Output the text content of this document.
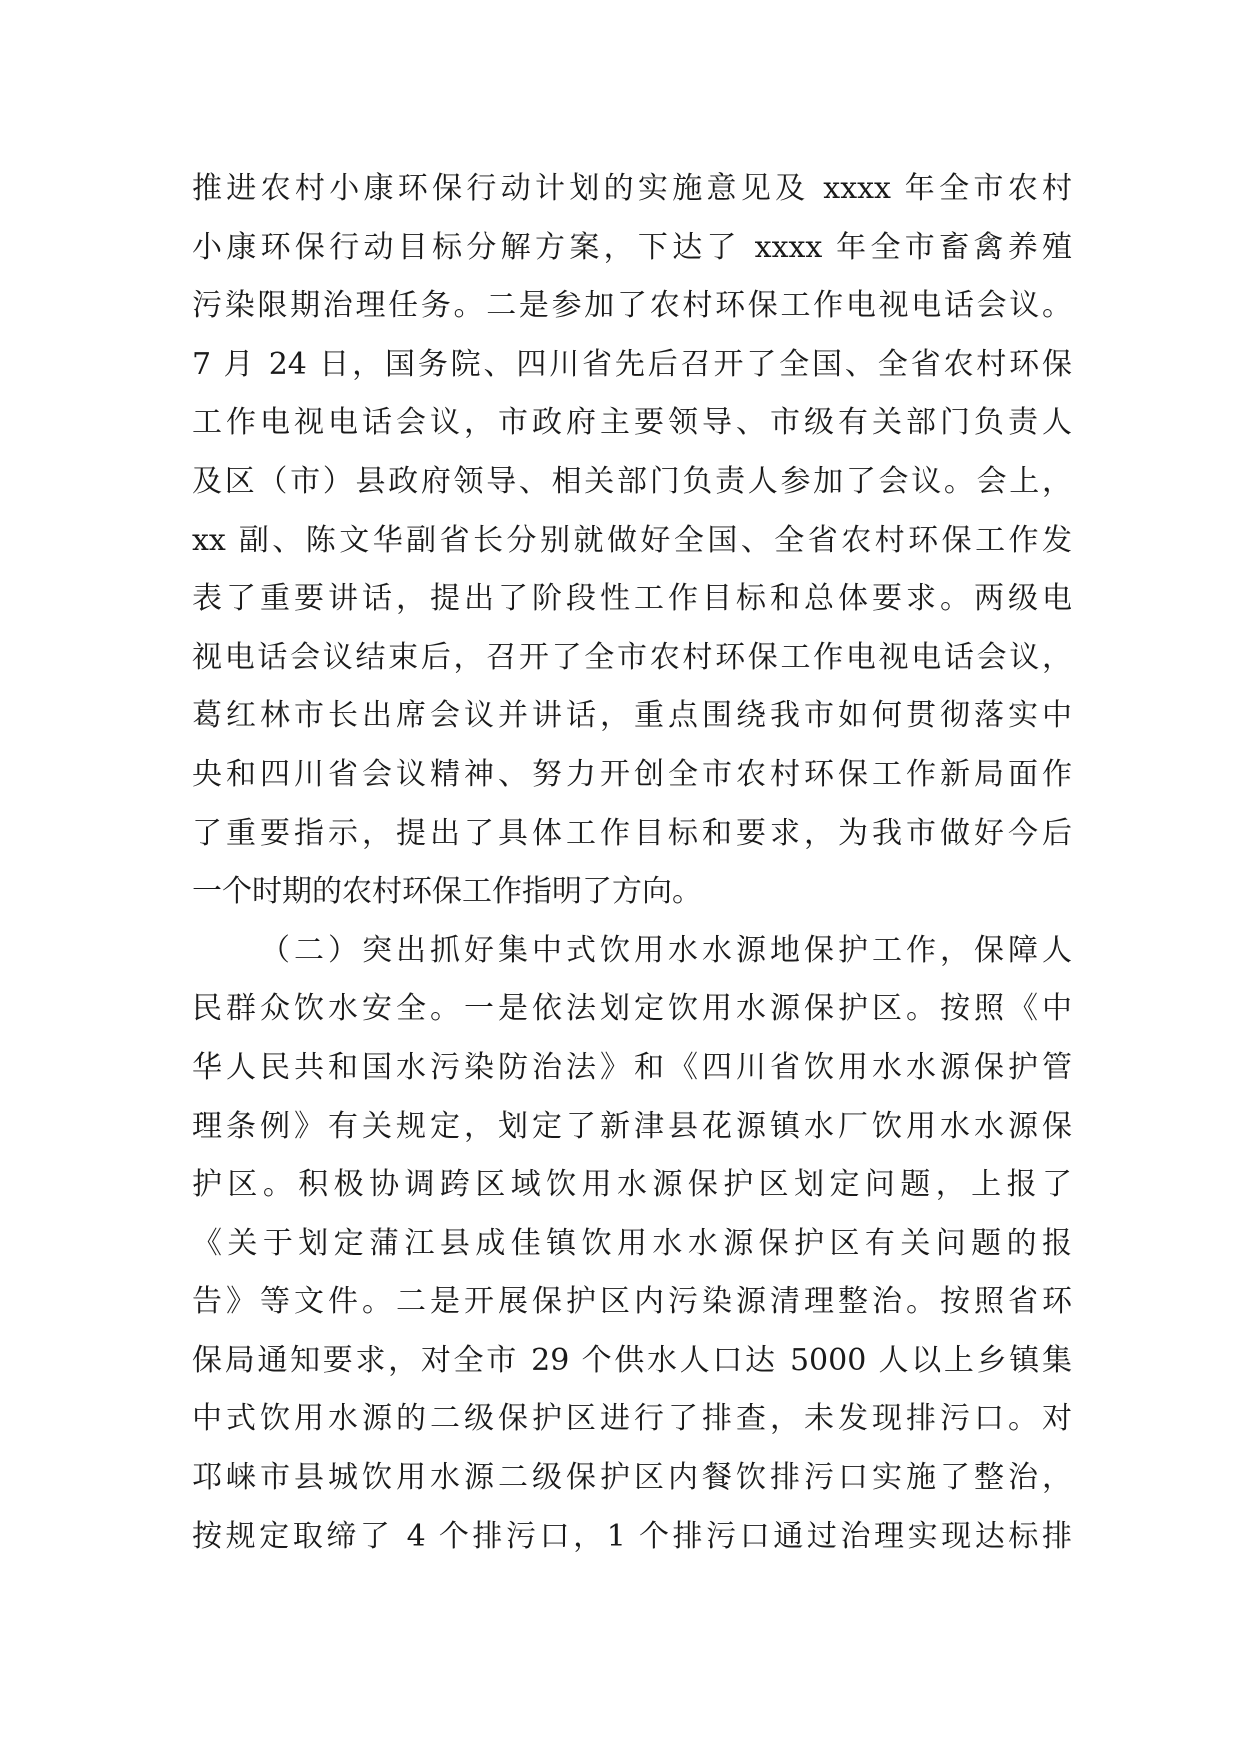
推进农村小康环保行动计划的实施意见及 xxxx 年全市农村
小康环保行动目标分解方案，下达了 xxxx 年全市畜禽养殖
污染限期治理任务。二是参加了农村环保工作电视电话会议。
7 月 24 日，国务院、四川省先后召开了全国、全省农村环保
工作电视电话会议，市政府主要领导、市级有关部门负责人
及区（市）县政府领导、相关部门负责人参加了会议。会上，
xx 副、陈文华副省长分别就做好全国、全省农村环保工作发
表了重要讲话，提出了阶段性工作目标和总体要求。两级电
视电话会议结束后，召开了全市农村环保工作电视电话会议，
葛红林市长出席会议并讲话，重点围绕我市如何贯彻落实中
央和四川省会议精神、努力开创全市农村环保工作新局面作
了重要指示，提出了具体工作目标和要求，为我市做好今后
一个时期的农村环保工作指明了方向。
（二）突出抓好集中式饮用水水源地保护工作，保障人
民群众饮水安全。一是依法划定饮用水源保护区。按照《中
华人民共和国水污染防治法》和《四川省饮用水水源保护管
理条例》有关规定，划定了新津县花源镇水厂饮用水水源保
护区。积极协调跨区域饮用水源保护区划定问题，上报了
《关于划定蒲江县成佳镇饮用水水源保护区有关问题的报
告》等文件。二是开展保护区内污染源清理整治。按照省环
保局通知要求，对全市 29 个供水人口达 5000 人以上乡镇集
中式饮用水源的二级保护区进行了排查，未发现排污口。对
邛崃市县城饮用水源二级保护区内餐饮排污口实施了整治，
按规定取缔了 4 个排污口，1 个排污口通过治理实现达标排
